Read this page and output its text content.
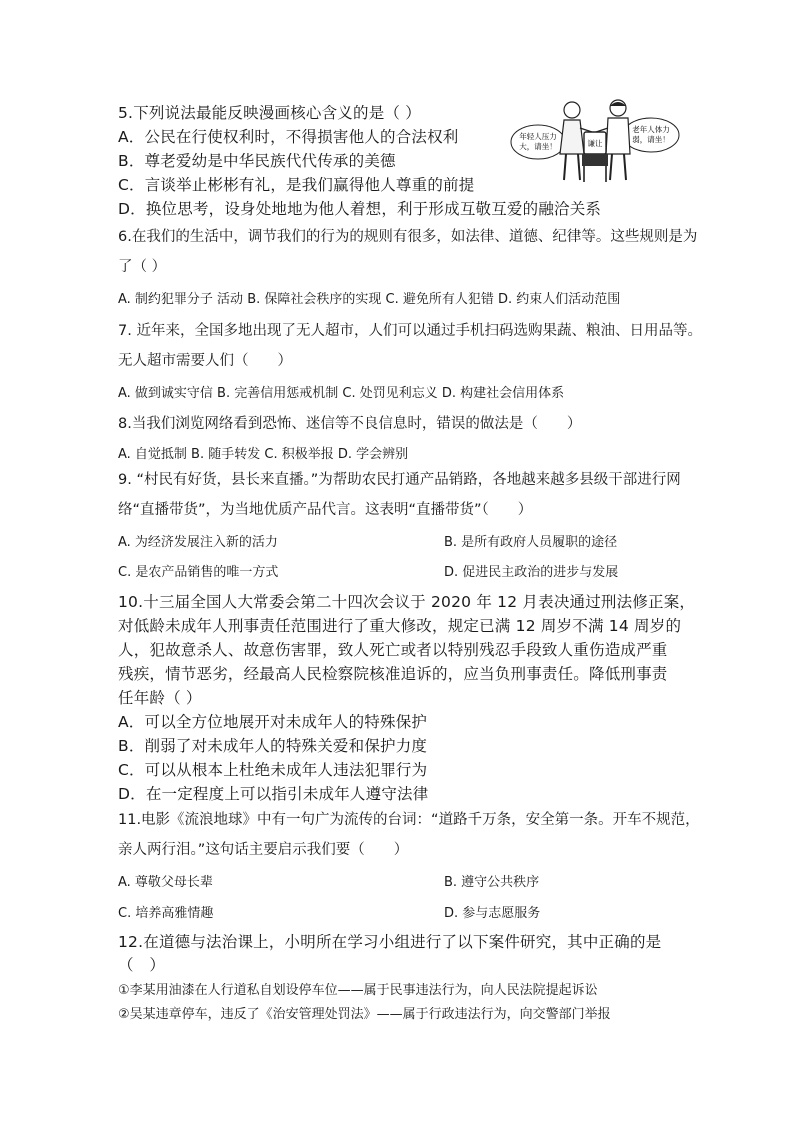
5.下列说法最能反映漫画核心含义的是（ ）
A．公民在行使权利时，不得损害他人的合法权利
B．尊老爱幼是中华民族代代传承的美德
C．言谈举止彬彬有礼，是我们赢得他人尊重的前提
D．换位思考，设身处地地为他人着想，利于形成互敬互爱的融洽关系
年轻人压力
大，请坐！
老年人体力
弱，请坐！
谦让
6.在我们的生活中，调节我们的行为的规则有很多，如法律、道德、纪律等。这些规则是为
了（ ）
A. 制约犯罪分子 活动 B. 保障社会秩序的实现 C. 避免所有人犯错 D. 约束人们活动范围
7. 近年来，全国多地出现了无人超市，人们可以通过手机扫码选购果蔬、粮油、日用品等。
无人超市需要人们（　　）
A. 做到诚实守信 B. 完善信用惩戒机制 C. 处罚见利忘义 D. 构建社会信用体系
8.当我们浏览网络看到恐怖、迷信等不良信息时，错误的做法是（　　）
A. 自觉抵制 B. 随手转发 C. 积极举报 D. 学会辨别
9. “村民有好货，县长来直播。”为帮助农民打通产品销路，各地越来越多县级干部进行网
络“直播带货”，为当地优质产品代言。这表明“直播带货”（　　）
A. 为经济发展注入新的活力	B. 是所有政府人员履职的途径
C. 是农产品销售的唯一方式	D. 促进民主政治的进步与发展
10.十三届全国人大常委会第二十四次会议于 2020 年 12 月表决通过刑法修正案，
对低龄未成年人刑事责任范围进行了重大修改，规定已满 12 周岁不满 14 周岁的
人，犯故意杀人、故意伤害罪，致人死亡或者以特别残忍手段致人重伤造成严重
残疾，情节恶劣，经最高人民检察院核准追诉的，应当负刑事责任。降低刑事责
任年龄（ ）
A．可以全方位地展开对未成年人的特殊保护
B．削弱了对未成年人的特殊关爱和保护力度
C．可以从根本上杜绝未成年人违法犯罪行为
D．在一定程度上可以指引未成年人遵守法律
11.电影《流浪地球》中有一句广为流传的台词：“道路千万条，安全第一条。开车不规范，
亲人两行泪。”这句话主要启示我们要（　　）
A. 尊敬父母长辈	B. 遵守公共秩序
C. 培养高雅情趣	D. 参与志愿服务
12.在道德与法治课上，小明所在学习小组进行了以下案件研究，其中正确的是
（　）
①李某用油漆在人行道私自划设停车位——属于民事违法行为，向人民法院提起诉讼
②吴某违章停车，违反了《治安管理处罚法》——属于行政违法行为，向交警部门举报
